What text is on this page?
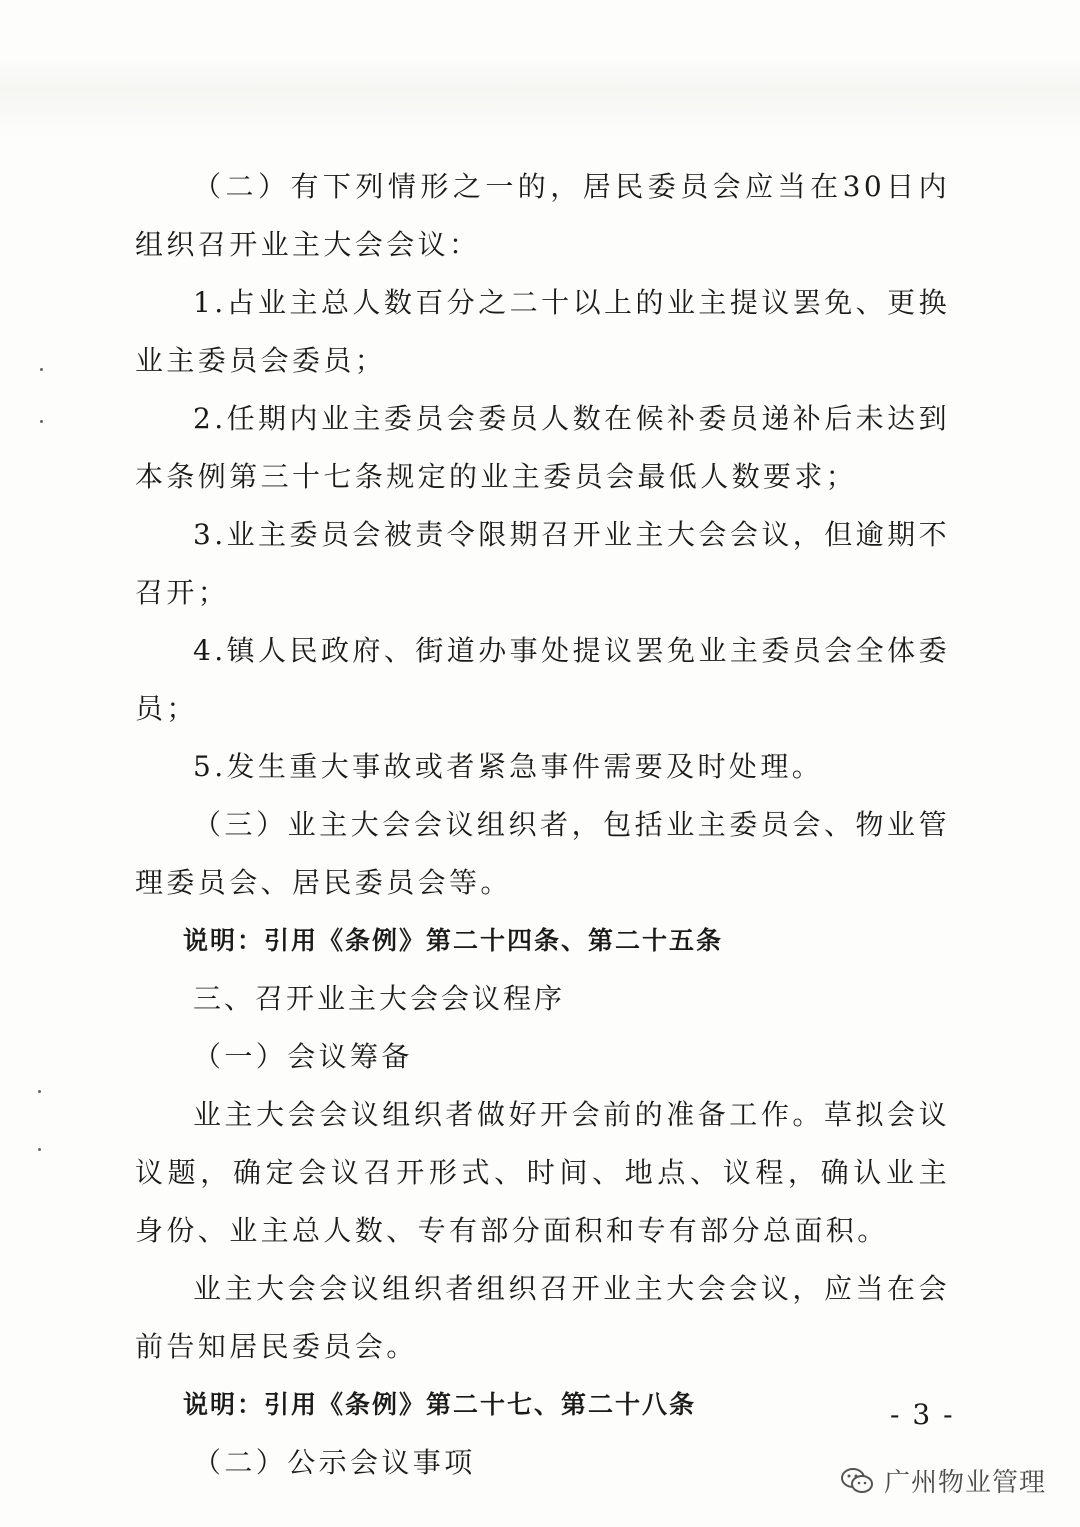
（二）有下列情形之一的，居民委员会应当在30日内组织召开业主大会会议：

1.占业主总人数百分之二十以上的业主提议罢免、更换业主委员会委员；

2.任期内业主委员会委员人数在候补委员递补后未达到本条例第三十七条规定的业主委员会最低人数要求；

3.业主委员会被责令限期召开业主大会会议，但逾期不召开；

4.镇人民政府、街道办事处提议罢免业主委员会全体委员；

5.发生重大事故或者紧急事件需要及时处理。

（三）业主大会会议组织者，包括业主委员会、物业管理委员会、居民委员会等。

说明：引用《条例》第二十四条、第二十五条

三、召开业主大会会议程序

（一）会议筹备

业主大会会议组织者做好开会前的准备工作。草拟会议议题，确定会议召开形式、时间、地点、议程，确认业主身份、业主总人数、专有部分面积和专有部分总面积。

业主大会会议组织者组织召开业主大会会议，应当在会前告知居民委员会。

说明：引用《条例》第二十七、第二十八条

（二）公示会议事项

- 3 -
广州物业管理
